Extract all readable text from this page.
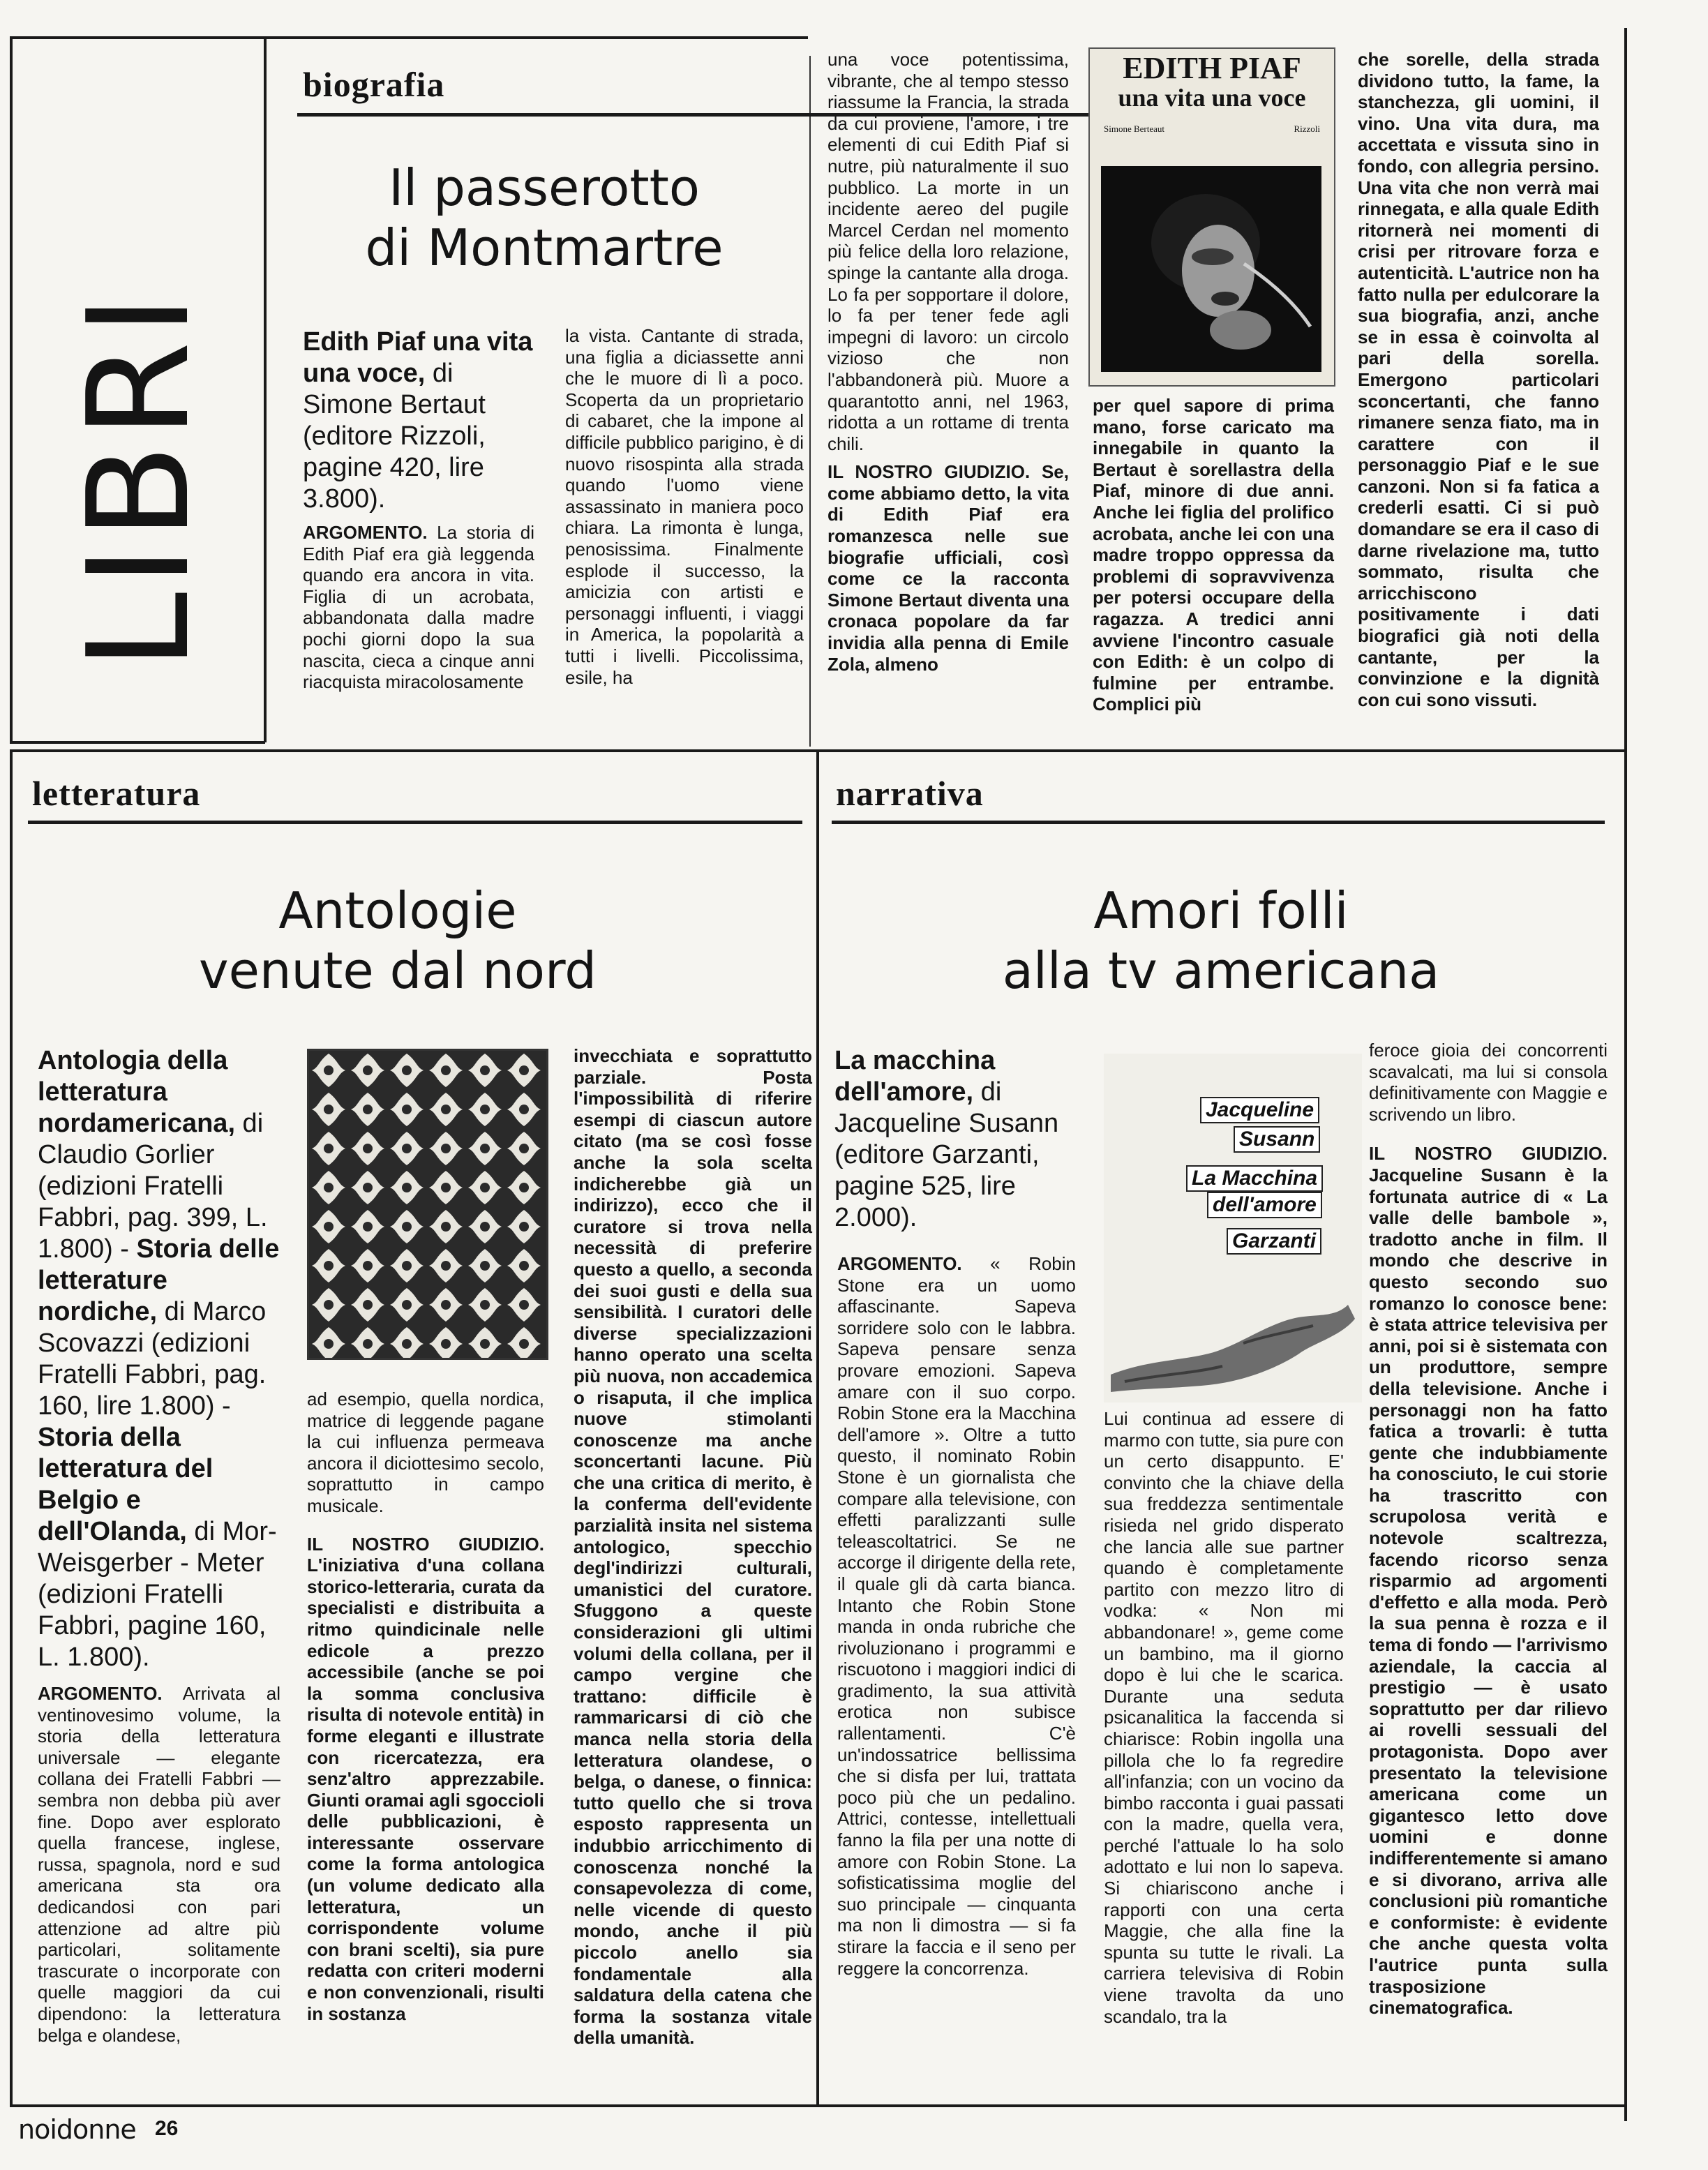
LIBRI
biografia
Il passerotto
di Montmartre
Edith Piaf una vita una voce, di Simone Bertaut (editore Rizzoli, pagine 420, lire 3.800).
ARGOMENTO. La storia di Edith Piaf era già leggenda quando era ancora in vita. Figlia di un acrobata, abbandonata dalla madre pochi giorni dopo la sua nascita, cieca a cinque anni riacquista miracolosamente
la vista. Cantante di strada, una figlia a diciassette anni che le muore di lì a poco. Scoperta da un proprietario di cabaret, che la impone al difficile pubblico parigino, è di nuovo risospinta alla strada quando l'uomo viene assassinato in maniera poco chiara. La rimonta è lunga, penosissima. Finalmente esplode il successo, la amicizia con artisti e personaggi influenti, i viaggi in America, la popolarità a tutti i livelli. Piccolissima, esile, ha

una voce potentissima, vibrante, che al tempo stesso riassume la Francia, la strada da cui proviene, l'amore, i tre elementi di cui Edith Piaf si nutre, più naturalmente il suo pubblico. La morte in un incidente aereo del pugile Marcel Cerdan nel momento più felice della loro relazione, spinge la cantante alla droga. Lo fa per sopportare il dolore, lo fa per tener fede agli impegni di lavoro: un circolo vizioso che non l'abbandonerà più. Muore a quarantotto anni, nel 1963, ridotta a un rottame di trenta chili.

IL NOSTRO GIUDIZIO. Se, come abbiamo detto, la vita di Edith Piaf era romanzesca nelle sue biografie ufficiali, così come ce la racconta Simone Bertaut diventa una cronaca popolare da far invidia alla penna di Emile Zola, almeno

EDITH PIAF
una vita una voce
Simone Berteaut	Rizzoli
per quel sapore di prima mano, forse caricato ma innegabile in quanto la Bertaut è sorellastra della Piaf, minore di due anni. Anche lei figlia del prolifico acrobata, anche lei con una madre troppo oppressa da problemi di sopravvivenza per potersi occupare della ragazza. A tredici anni avviene l'incontro casuale con Edith: è un colpo di fulmine per entrambe. Complici più
che sorelle, della strada dividono tutto, la fame, la stanchezza, gli uomini, il vino. Una vita dura, ma accettata e vissuta sino in fondo, con allegria persino. Una vita che non verrà mai rinnegata, e alla quale Edith ritornerà nei momenti di crisi per ritrovare forza e autenticità. L'autrice non ha fatto nulla per edulcorare la sua biografia, anzi, anche se in essa è coinvolta al pari della sorella. Emergono particolari sconcertanti, che fanno rimanere senza fiato, ma in carattere con il personaggio Piaf e le sue canzoni. Non si fa fatica a crederli esatti. Ci si può domandare se era il caso di darne rivelazione ma, tutto sommato, risulta che arricchiscono positivamente i dati biografici già noti della cantante, per la convinzione e la dignità con cui sono vissuti.
letteratura
Antologie
venute dal nord
Antologia della letteratura nordamericana, di Claudio Gorlier (edizioni Fratelli Fabbri, pag. 399, L. 1.800) - Storia delle letterature nordiche, di Marco Scovazzi (edizioni Fratelli Fabbri, pag. 160, lire 1.800) - Storia della letteratura del Belgio e dell'Olanda, di Mor-Weisgerber - Meter (edizioni Fratelli Fabbri, pagine 160, L. 1.800).
ARGOMENTO. Arrivata al ventinovesimo volume, la storia della letteratura universale — elegante collana dei Fratelli Fabbri — sembra non debba più aver fine. Dopo aver esplorato quella francese, inglese, russa, spagnola, nord e sud americana sta ora dedicandosi con pari attenzione ad altre più particolari, solitamente trascurate o incorporate con quelle maggiori da cui dipendono: la letteratura belga e olandese,

ad esempio, quella nordica, matrice di leggende pagane la cui influenza permeava ancora il diciottesimo secolo, soprattutto in campo musicale.

IL NOSTRO GIUDIZIO. L'iniziativa d'una collana storico-letteraria, curata da specialisti e distribuita a ritmo quindicinale nelle edicole a prezzo accessibile (anche se poi la somma conclusiva risulta di notevole entità) in forme eleganti e illustrate con ricercatezza, era senz'altro apprezzabile. Giunti oramai agli sgoccioli delle pubblicazioni, è interessante osservare come la forma antologica (un volume dedicato alla letteratura, un corrispondente volume con brani scelti), sia pure redatta con criteri moderni e non convenzionali, risulti in sostanza

invecchiata e soprattutto parziale. Posta l'impossibilità di riferire esempi di ciascun autore citato (ma se così fosse anche la sola scelta indicherebbe già un indirizzo), ecco che il curatore si trova nella necessità di preferire questo a quello, a seconda dei suoi gusti e della sua sensibilità. I curatori delle diverse specializzazioni hanno operato una scelta più nuova, non accademica o risaputa, il che implica nuove stimolanti conoscenze ma anche sconcertanti lacune. Più che una critica di merito, è la conferma dell'evidente parzialità insita nel sistema antologico, specchio degl'indirizzi culturali, umanistici del curatore. Sfuggono a queste considerazioni gli ultimi volumi della collana, per il campo vergine che trattano: difficile è rammaricarsi di ciò che manca nella storia della letteratura olandese, o belga, o danese, o finnica: tutto quello che si trova esposto rappresenta un indubbio arricchimento di conoscenza nonché la consapevolezza di come, nelle vicende di questo mondo, anche il più piccolo anello sia fondamentale alla saldatura della catena che forma la sostanza vitale della umanità.
narrativa
Amori folli
alla tv americana
La macchina dell'amore, di Jacqueline Susann (editore Garzanti, pagine 525, lire 2.000).
ARGOMENTO. « Robin Stone era un uomo affascinante. Sapeva sorridere solo con le labbra. Sapeva pensare senza provare emozioni. Sapeva amare con il suo corpo. Robin Stone era la Macchina dell'amore ». Oltre a tutto questo, il nominato Robin Stone è un giornalista che compare alla televisione, con effetti paralizzanti sulle teleascoltatrici. Se ne accorge il dirigente della rete, il quale gli dà carta bianca. Intanto che Robin Stone manda in onda rubriche che rivoluzionano i programmi e riscuotono i maggiori indici di gradimento, la sua attività erotica non subisce rallentamenti. C'è un'indossatrice bellissima che si disfa per lui, trattata poco più che un pedalino. Attrici, contesse, intellettuali fanno la fila per una notte di amore con Robin Stone. La sofisticatissima moglie del suo principale — cinquanta ma non li dimostra — si fa stirare la faccia e il seno per reggere la concorrenza.
Jacqueline
Susann
La Macchina
dell'amore
Garzanti
Lui continua ad essere di marmo con tutte, sia pure con un certo disappunto. E' convinto che la chiave della sua freddezza sentimentale risieda nel grido disperato che lancia alle sue partner quando è completamente partito con mezzo litro di vodka: « Non mi abbandonare! », geme come un bambino, ma il giorno dopo è lui che le scarica. Durante una seduta psicanalitica la faccenda si chiarisce: Robin ingolla una pillola che lo fa regredire all'infanzia; con un vocino da bimbo racconta i guai passati con la madre, quella vera, perché l'attuale lo ha solo adottato e lui non lo sapeva. Si chiariscono anche i rapporti con una certa Maggie, che alla fine la spunta su tutte le rivali. La carriera televisiva di Robin viene travolta da uno scandalo, tra la

feroce gioia dei concorrenti scavalcati, ma lui si consola definitivamente con Maggie e scrivendo un libro.

IL NOSTRO GIUDIZIO. Jacqueline Susann è la fortunata autrice di « La valle delle bambole », tradotto anche in film. Il mondo che descrive in questo secondo suo romanzo lo conosce bene: è stata attrice televisiva per anni, poi si è sistemata con un produttore, sempre della televisione. Anche i personaggi non ha fatto fatica a trovarli: è tutta gente che indubbiamente ha conosciuto, le cui storie ha trascritto con scrupolosa verità e notevole scaltrezza, facendo ricorso senza risparmio ad argomenti d'effetto e alla moda. Però la sua penna è rozza e il tema di fondo — l'arrivismo aziendale, la caccia al prestigio — è usato soprattutto per dar rilievo ai rovelli sessuali del protagonista. Dopo aver presentato la televisione americana come un gigantesco letto dove uomini e donne indifferentemente si amano e si divorano, arriva alle conclusioni più romantiche e conformiste: è evidente che anche questa volta l'autrice punta sulla trasposizione cinematografica.

noidonne 26
